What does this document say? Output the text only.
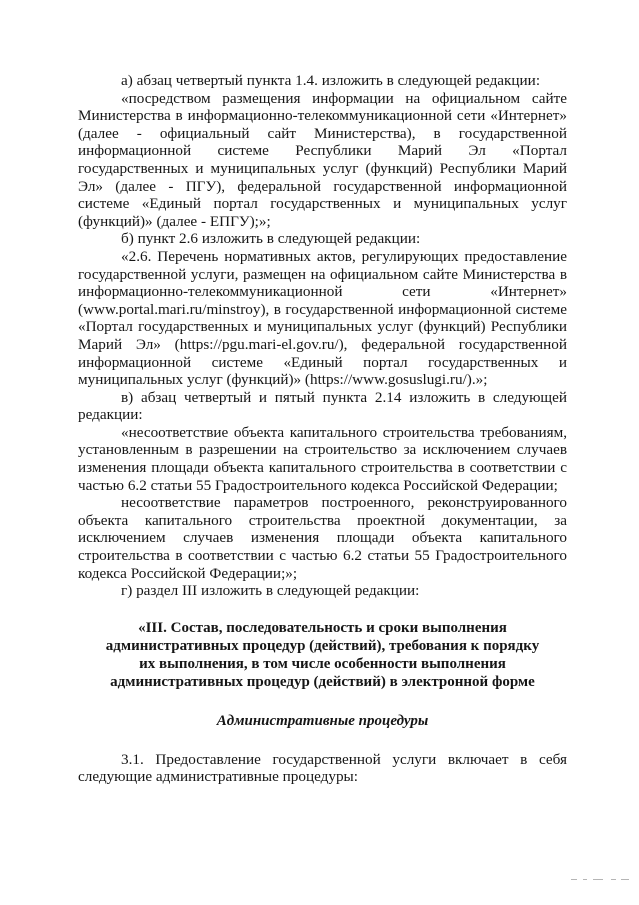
а) абзац четвертый пункта 1.4. изложить в следующей редакции:

«посредством размещения информации на официальном сайте Министерства в информационно-телекоммуникационной сети «Интернет» (далее - официальный сайт Министерства), в государственной информационной системе Республики Марий Эл «Портал государственных и муниципальных услуг (функций) Республики Марий Эл» (далее - ПГУ), федеральной государственной информационной системе «Единый портал государственных и муниципальных услуг (функций)» (далее - ЕПГУ);»;

б) пункт 2.6 изложить в следующей редакции:

«2.6. Перечень нормативных актов, регулирующих предоставление государственной услуги, размещен на официальном сайте Министерства в информационно-телекоммуникационной сети «Интернет» (www.portal.mari.ru/minstroy), в государственной информационной системе «Портал государственных и муниципальных услуг (функций) Республики Марий Эл» (https://pgu.mari-el.gov.ru/), федеральной государственной информационной системе «Единый портал государственных и муниципальных услуг (функций)» (https://www.gosuslugi.ru/).»;

в) абзац четвертый и пятый пункта 2.14 изложить в следующей редакции:

«несоответствие объекта капитального строительства требованиям, установленным в разрешении на строительство за исключением случаев изменения площади объекта капитального строительства в соответствии с частью 6.2 статьи 55 Градостроительного кодекса Российской Федерации;

несоответствие параметров построенного, реконструированного объекта капитального строительства проектной документации, за исключением случаев изменения площади объекта капитального строительства в соответствии с частью 6.2 статьи 55 Градостроительного кодекса Российской Федерации;»;

г) раздел III изложить в следующей редакции:

«III. Состав, последовательность и сроки выполнения
административных процедур (действий), требования к порядку
их выполнения, в том числе особенности выполнения
административных процедур (действий) в электронной форме
Административные процедуры

3.1. Предоставление государственной услуги включает в себя следующие административные процедуры:
